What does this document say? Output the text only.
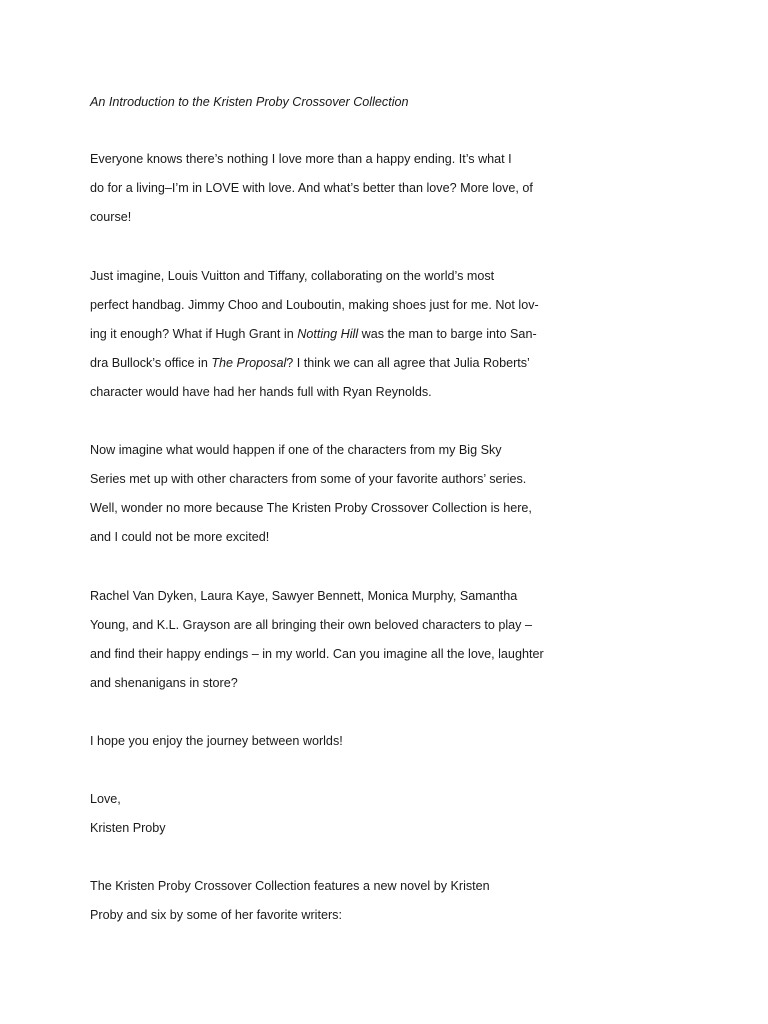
An Introduction to the Kristen Proby Crossover Collection

Everyone knows there’s nothing I love more than a happy ending. It’s what I

do for a living–I’m in LOVE with love. And what’s better than love? More love, of

course!

Just imagine, Louis Vuitton and Tiffany, collaborating on the world’s most

perfect handbag. Jimmy Choo and Louboutin, making shoes just for me. Not lov-

ing it enough? What if Hugh Grant in Notting Hill was the man to barge into San-

dra Bullock’s office in The Proposal? I think we can all agree that Julia Roberts’

character would have had her hands full with Ryan Reynolds.

Now imagine what would happen if one of the characters from my Big Sky

Series met up with other characters from some of your favorite authors’ series.

Well, wonder no more because The Kristen Proby Crossover Collection is here,

and I could not be more excited!

Rachel Van Dyken, Laura Kaye, Sawyer Bennett, Monica Murphy, Samantha

Young, and K.L. Grayson are all bringing their own beloved characters to play –

and find their happy endings – in my world. Can you imagine all the love, laughter

and shenanigans in store?

I hope you enjoy the journey between worlds!

Love,

Kristen Proby

The Kristen Proby Crossover Collection features a new novel by Kristen

Proby and six by some of her favorite writers:
